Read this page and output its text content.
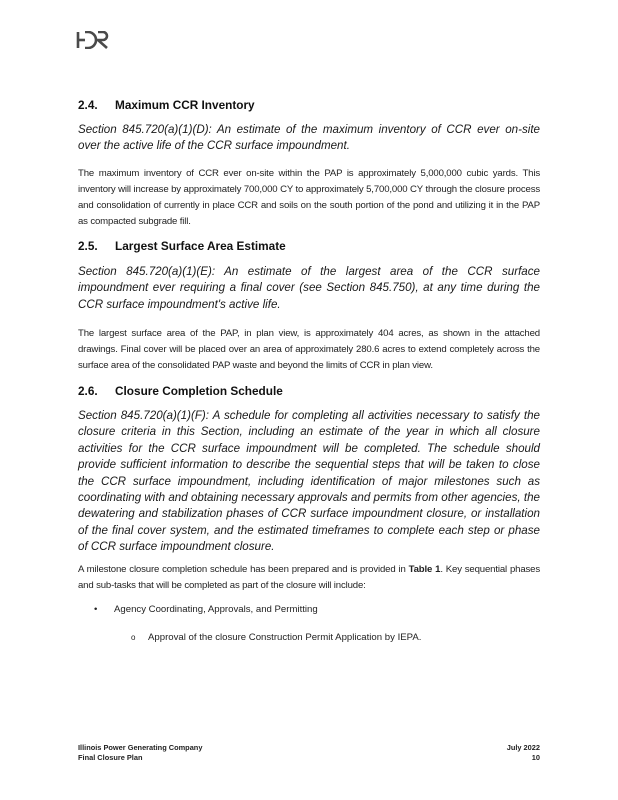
2.4.	Maximum CCR Inventory

Section 845.720(a)(1)(D): An estimate of the maximum inventory of CCR ever on-site over the active life of the CCR surface impoundment.

The maximum inventory of CCR ever on-site within the PAP is approximately 5,000,000 cubic yards. This inventory will increase by approximately 700,000 CY to approximately 5,700,000 CY through the closure process and consolidation of currently in place CCR and soils on the south portion of the pond and utilizing it in the PAP as compacted subgrade fill.

2.5.	Largest Surface Area Estimate

Section 845.720(a)(1)(E): An estimate of the largest area of the CCR surface impoundment ever requiring a final cover (see Section 845.750), at any time during the CCR surface impoundment's active life.

The largest surface area of the PAP, in plan view, is approximately 404 acres, as shown in the attached drawings. Final cover will be placed over an area of approximately 280.6 acres to extend completely across the surface area of the consolidated PAP waste and beyond the limits of CCR in plan view.

2.6.	Closure Completion Schedule

Section 845.720(a)(1)(F): A schedule for completing all activities necessary to satisfy the closure criteria in this Section, including an estimate of the year in which all closure activities for the CCR surface impoundment will be completed. The schedule should provide sufficient information to describe the sequential steps that will be taken to close the CCR surface impoundment, including identification of major milestones such as coordinating with and obtaining necessary approvals and permits from other agencies, the dewatering and stabilization phases of CCR surface impoundment closure, or installation of the final cover system, and the estimated timeframes to complete each step or phase of CCR surface impoundment closure.

A milestone closure completion schedule has been prepared and is provided in Table 1. Key sequential phases and sub-tasks that will be completed as part of the closure will include:

•	Agency Coordinating, Approvals, and Permitting
o	Approval of the closure Construction Permit Application by IEPA.
Illinois Power Generating Company	July 2022
Final Closure Plan	10
